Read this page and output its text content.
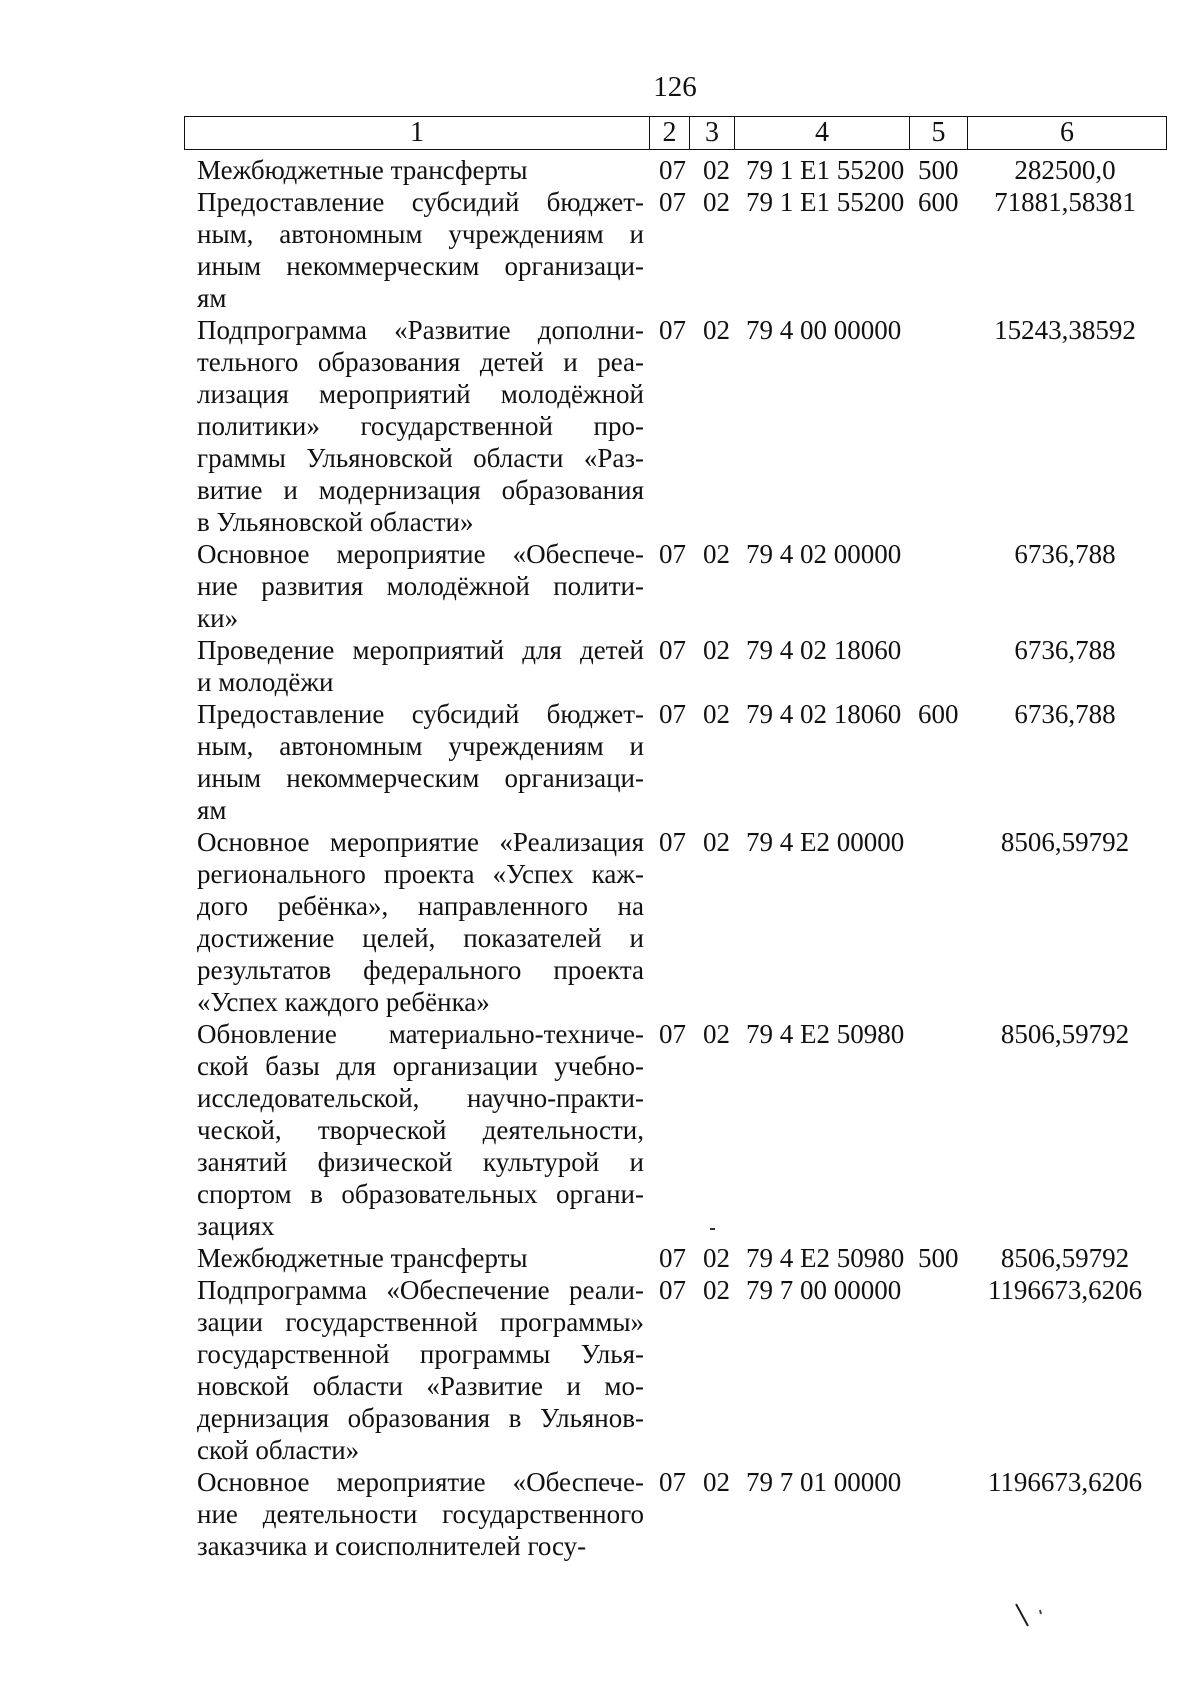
126
1	2	3	4	5	6
Межбюджетные трансферты	07 02 79 1 E1 55200 500	282500,0
Предоставление субсидий бюджет-
ным, автономным учреждениям и
иным некоммерческим организаци-
ям
07 02 79 1 E1 55200 600	71881,58381
Подпрограмма «Развитие дополни-
тельного образования детей и реа-
лизация мероприятий молодёжной
политики» государственной про-
граммы Ульяновской области «Раз-
витие и модернизация образования
в Ульяновской области»
07 02 79 4 00 00000	15243,38592
Основное мероприятие «Обеспече-
ние развития молодёжной полити-
ки»
07 02 79 4 02 00000	6736,788
Проведение мероприятий для детей
и молодёжи
07 02 79 4 02 18060	6736,788
Предоставление субсидий бюджет-
ным, автономным учреждениям и
иным некоммерческим организаци-
ям
07 02 79 4 02 18060 600	6736,788
Основное мероприятие «Реализация
регионального проекта «Успех каж-
дого ребёнка», направленного на
достижение целей, показателей и
результатов федерального проекта
«Успех каждого ребёнка»
07 02 79 4 E2 00000	8506,59792
Обновление материально-техниче-
ской базы для организации учебно-
исследовательской, научно-практи-
ческой, творческой деятельности,
занятий физической культурой и
спортом в образовательных органи-
зациях
07 02 79 4 E2 50980	8506,59792
Межбюджетные трансферты	07 02 79 4 E2 50980 500	8506,59792
Подпрограмма «Обеспечение реали-
зации государственной программы»
государственной программы Улья-
новской области «Развитие и мо-
дернизация образования в Ульянов-
ской области»
07 02 79 7 00 00000	1196673,6206
Основное мероприятие «Обеспече-
ние деятельности государственного
заказчика и соисполнителей госу-
07 02 79 7 01 00000	1196673,6206
